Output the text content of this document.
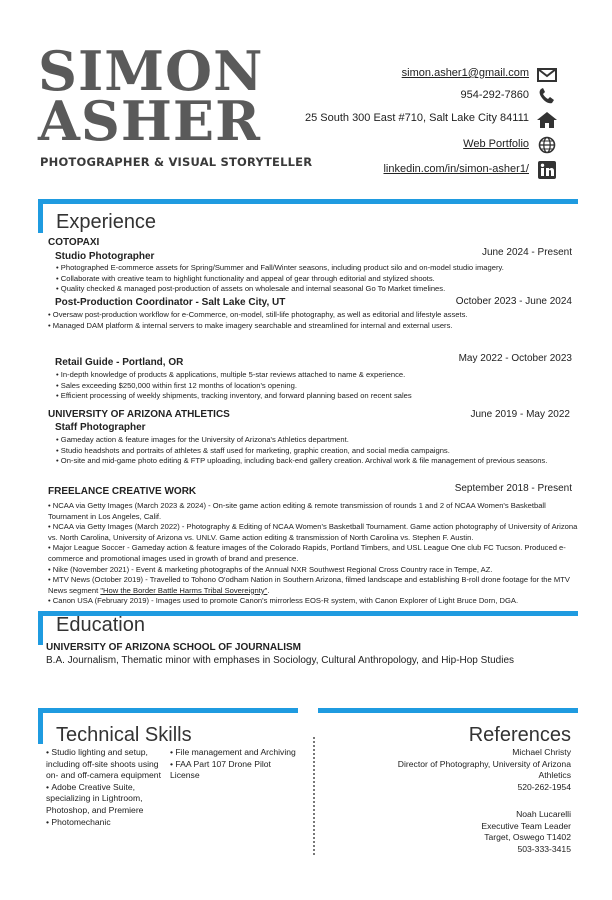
SIMON
ASHER
PHOTOGRAPHER & VISUAL STORYTELLER
simon.asher1@gmail.com
954-292-7860
25 South 300 East #710, Salt Lake City 84111
Web Portfolio
linkedin.com/in/simon-asher1/
Experience
COTOPAXI
Studio Photographer	June 2024 - Present
• Photographed E-commerce assets for Spring/Summer and Fall/Winter seasons, including product silo and on-model studio imagery.
• Collaborate with creative team to highlight functionality and appeal of gear through editorial and stylized shoots.
• Quality checked & managed post-production of assets on wholesale and internal seasonal Go To Market timelines.
Post-Production Coordinator - Salt Lake City, UT	October 2023 - June 2024
• Oversaw post-production workflow for e-Commerce, on-model, still-life photography, as well as editorial and lifestyle assets.
• Managed DAM platform & internal servers to make imagery searchable and streamlined for internal and external users.
Retail Guide - Portland, OR	May 2022 - October 2023
• In-depth knowledge of products & applications, multiple 5-star reviews attached to name & experience.
• Sales exceeding $250,000 within first 12 months of location's opening.
• Efficient processing of weekly shipments, tracking inventory, and forward planning based on recent sales
UNIVERSITY OF ARIZONA ATHLETICS	June 2019 - May 2022
Staff Photographer
• Gameday action & feature images for the University of Arizona's Athletics department.
• Studio headshots and portraits of athletes & staff used for marketing, graphic creation, and social media campaigns.
• On-site and mid-game photo editing & FTP uploading, including back-end gallery creation. Archival work & file management of previous seasons.
FREELANCE CREATIVE WORK	September 2018 - Present
• NCAA via Getty Images (March 2023 & 2024) - On-site game action editing & remote transmission of rounds 1 and 2 of NCAA Women's Basketball Tournament in Los Angeles, Calif.
• NCAA via Getty Images (March 2022) - Photography & Editing of NCAA Women's Basketball Tournament. Game action photography of University of Arizona vs. North Carolina, University of Arizona vs. UNLV. Game action editing & transmission of North Carolina vs. Stephen F. Austin.
• Major League Soccer - Gameday action & feature images of the Colorado Rapids, Portland Timbers, and USL League One club FC Tucson. Produced e-commerce and promotional images used in growth of brand and presence.
• Nike (November 2021) - Event & marketing photographs of the Annual NXR Southwest Regional Cross Country race in Tempe, AZ.
• MTV News (October 2019) - Travelled to Tohono O'odham Nation in Southern Arizona, filmed landscape and establishing B-roll drone footage for the MTV News segment "How the Border Battle Harms Tribal Sovereignty".
• Canon USA (February 2019) - Images used to promote Canon's mirrorless EOS-R system, with Canon Explorer of Light Bruce Dorn, DGA.
Education
UNIVERSITY OF ARIZONA SCHOOL OF JOURNALISM
B.A. Journalism, Thematic minor with emphases in Sociology, Cultural Anthropology, and Hip-Hop Studies
Technical Skills
• Studio lighting and setup, including off-site shoots using on- and off-camera equipment
• Adobe Creative Suite, specializing in Lightroom, Photoshop, and Premiere
• Photomechanic
• File management and Archiving
• FAA Part 107 Drone Pilot License
References
Michael Christy
Director of Photography, University of Arizona
Athletics
520-262-1954
Noah Lucarelli
Executive Team Leader
Target, Oswego T1402
503-333-3415
